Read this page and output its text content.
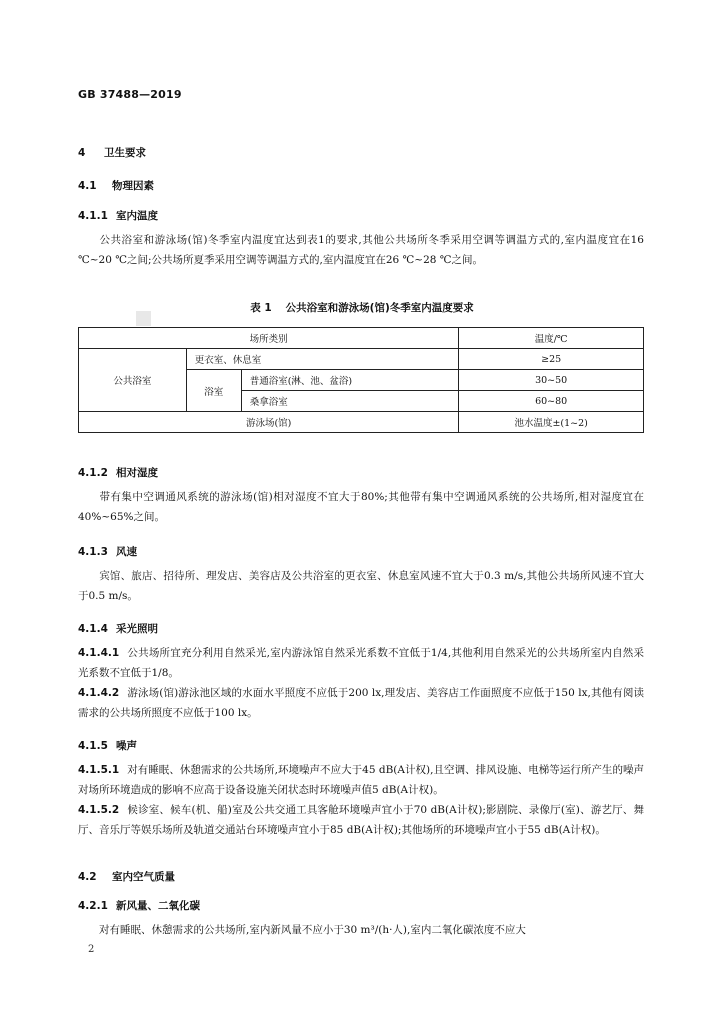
GB 37488—2019
4 卫生要求
4.1 物理因素
4.1.1 室内温度
公共浴室和游泳场(馆)冬季室内温度宜达到表1的要求,其他公共场所冬季采用空调等调温方式的,室内温度宜在16 ℃~20 ℃之间;公共场所夏季采用空调等调温方式的,室内温度宜在26 ℃~28 ℃之间。
表 1 公共浴室和游泳场(馆)冬季室内温度要求
场所类别			温度/℃
公共浴室	更衣室、休息室		≥25
	浴室	普通浴室(淋、池、盆浴)	30~50
		桑拿浴室	60~80
游泳场(馆)			池水温度±(1~2)
4.1.2 相对湿度
带有集中空调通风系统的游泳场(馆)相对湿度不宜大于80%;其他带有集中空调通风系统的公共场所,相对湿度宜在40%~65%之间。
4.1.3 风速
宾馆、旅店、招待所、理发店、美容店及公共浴室的更衣室、休息室风速不宜大于0.3 m/s,其他公共场所风速不宜大于0.5 m/s。
4.1.4 采光照明
4.1.4.1 公共场所宜充分利用自然采光,室内游泳馆自然采光系数不宜低于1/4,其他利用自然采光的公共场所室内自然采光系数不宜低于1/8。
4.1.4.2 游泳场(馆)游泳池区域的水面水平照度不应低于200 lx,理发店、美容店工作面照度不应低于150 lx,其他有阅读需求的公共场所照度不应低于100 lx。
4.1.5 噪声
4.1.5.1 对有睡眠、休憩需求的公共场所,环境噪声不应大于45 dB(A计权),且空调、排风设施、电梯等运行所产生的噪声对场所环境造成的影响不应高于设备设施关闭状态时环境噪声值5 dB(A计权)。
4.1.5.2 候诊室、候车(机、船)室及公共交通工具客舱环境噪声宜小于70 dB(A计权);影剧院、录像厅(室)、游艺厅、舞厅、音乐厅等娱乐场所及轨道交通站台环境噪声宜小于85 dB(A计权);其他场所的环境噪声宜小于55 dB(A计权)。
4.2 室内空气质量
4.2.1 新风量、二氧化碳
对有睡眠、休憩需求的公共场所,室内新风量不应小于30 m³/(h·人),室内二氧化碳浓度不应大
2
